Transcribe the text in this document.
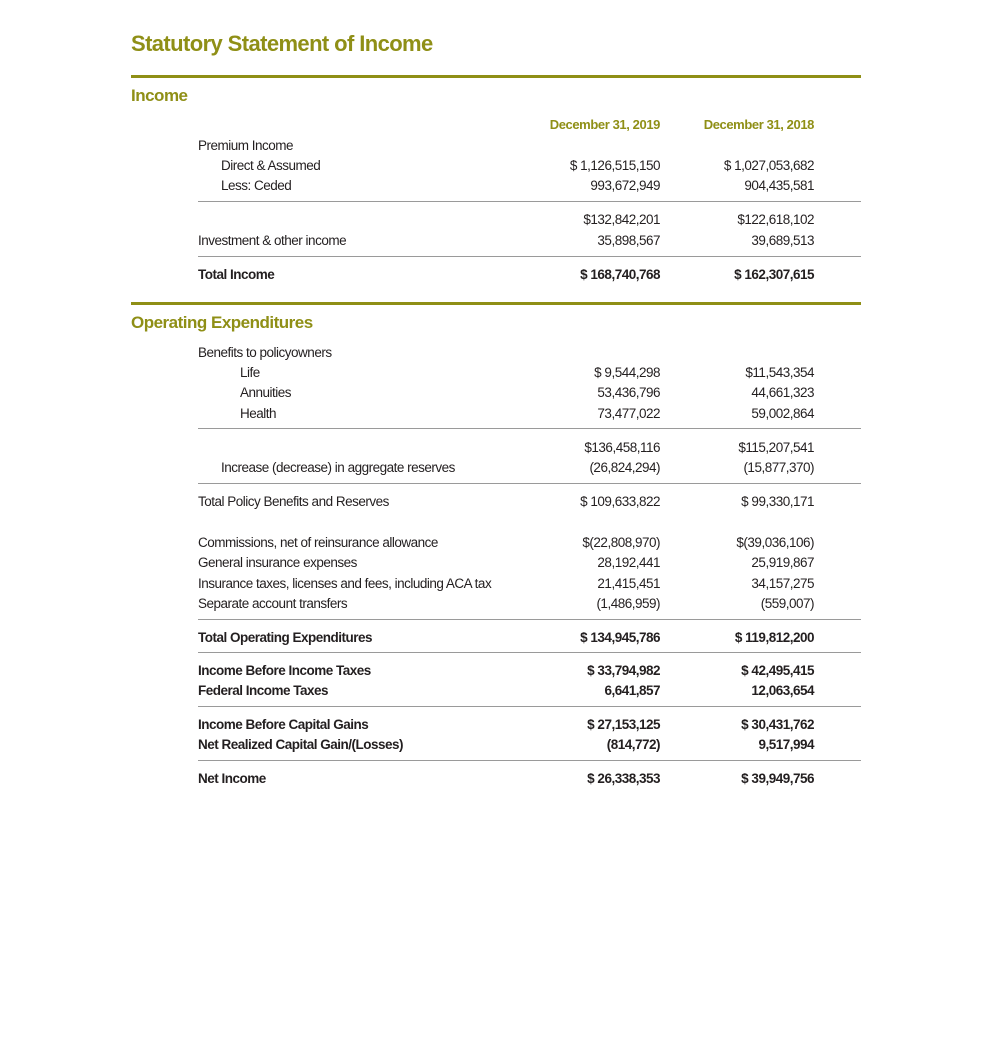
Statutory Statement of Income
Income
December 31, 2019	December 31, 2018
Premium Income
Direct & Assumed	$ 1,126,515,150	$ 1,027,053,682
Less: Ceded	993,672,949	904,435,581
$132,842,201	$122,618,102
Investment & other income	35,898,567	39,689,513
Total Income	$ 168,740,768	$ 162,307,615
Operating Expenditures
Benefits to policyowners
Life	$ 9,544,298	$11,543,354
Annuities	53,436,796	44,661,323
Health	73,477,022	59,002,864
$136,458,116	$115,207,541
Increase (decrease) in aggregate reserves	(26,824,294)	(15,877,370)
Total Policy Benefits and Reserves	$ 109,633,822	$ 99,330,171
Commissions, net of reinsurance allowance	$(22,808,970)	$(39,036,106)
General insurance expenses	28,192,441	25,919,867
Insurance taxes, licenses and fees, including ACA tax	21,415,451	34,157,275
Separate account transfers	(1,486,959)	(559,007)
Total Operating Expenditures	$ 134,945,786	$ 119,812,200
Income Before Income Taxes	$ 33,794,982	$ 42,495,415
Federal Income Taxes	6,641,857	12,063,654
Income Before Capital Gains	$ 27,153,125	$ 30,431,762
Net Realized Capital Gain/(Losses)	(814,772)	9,517,994
Net Income	$ 26,338,353	$ 39,949,756
